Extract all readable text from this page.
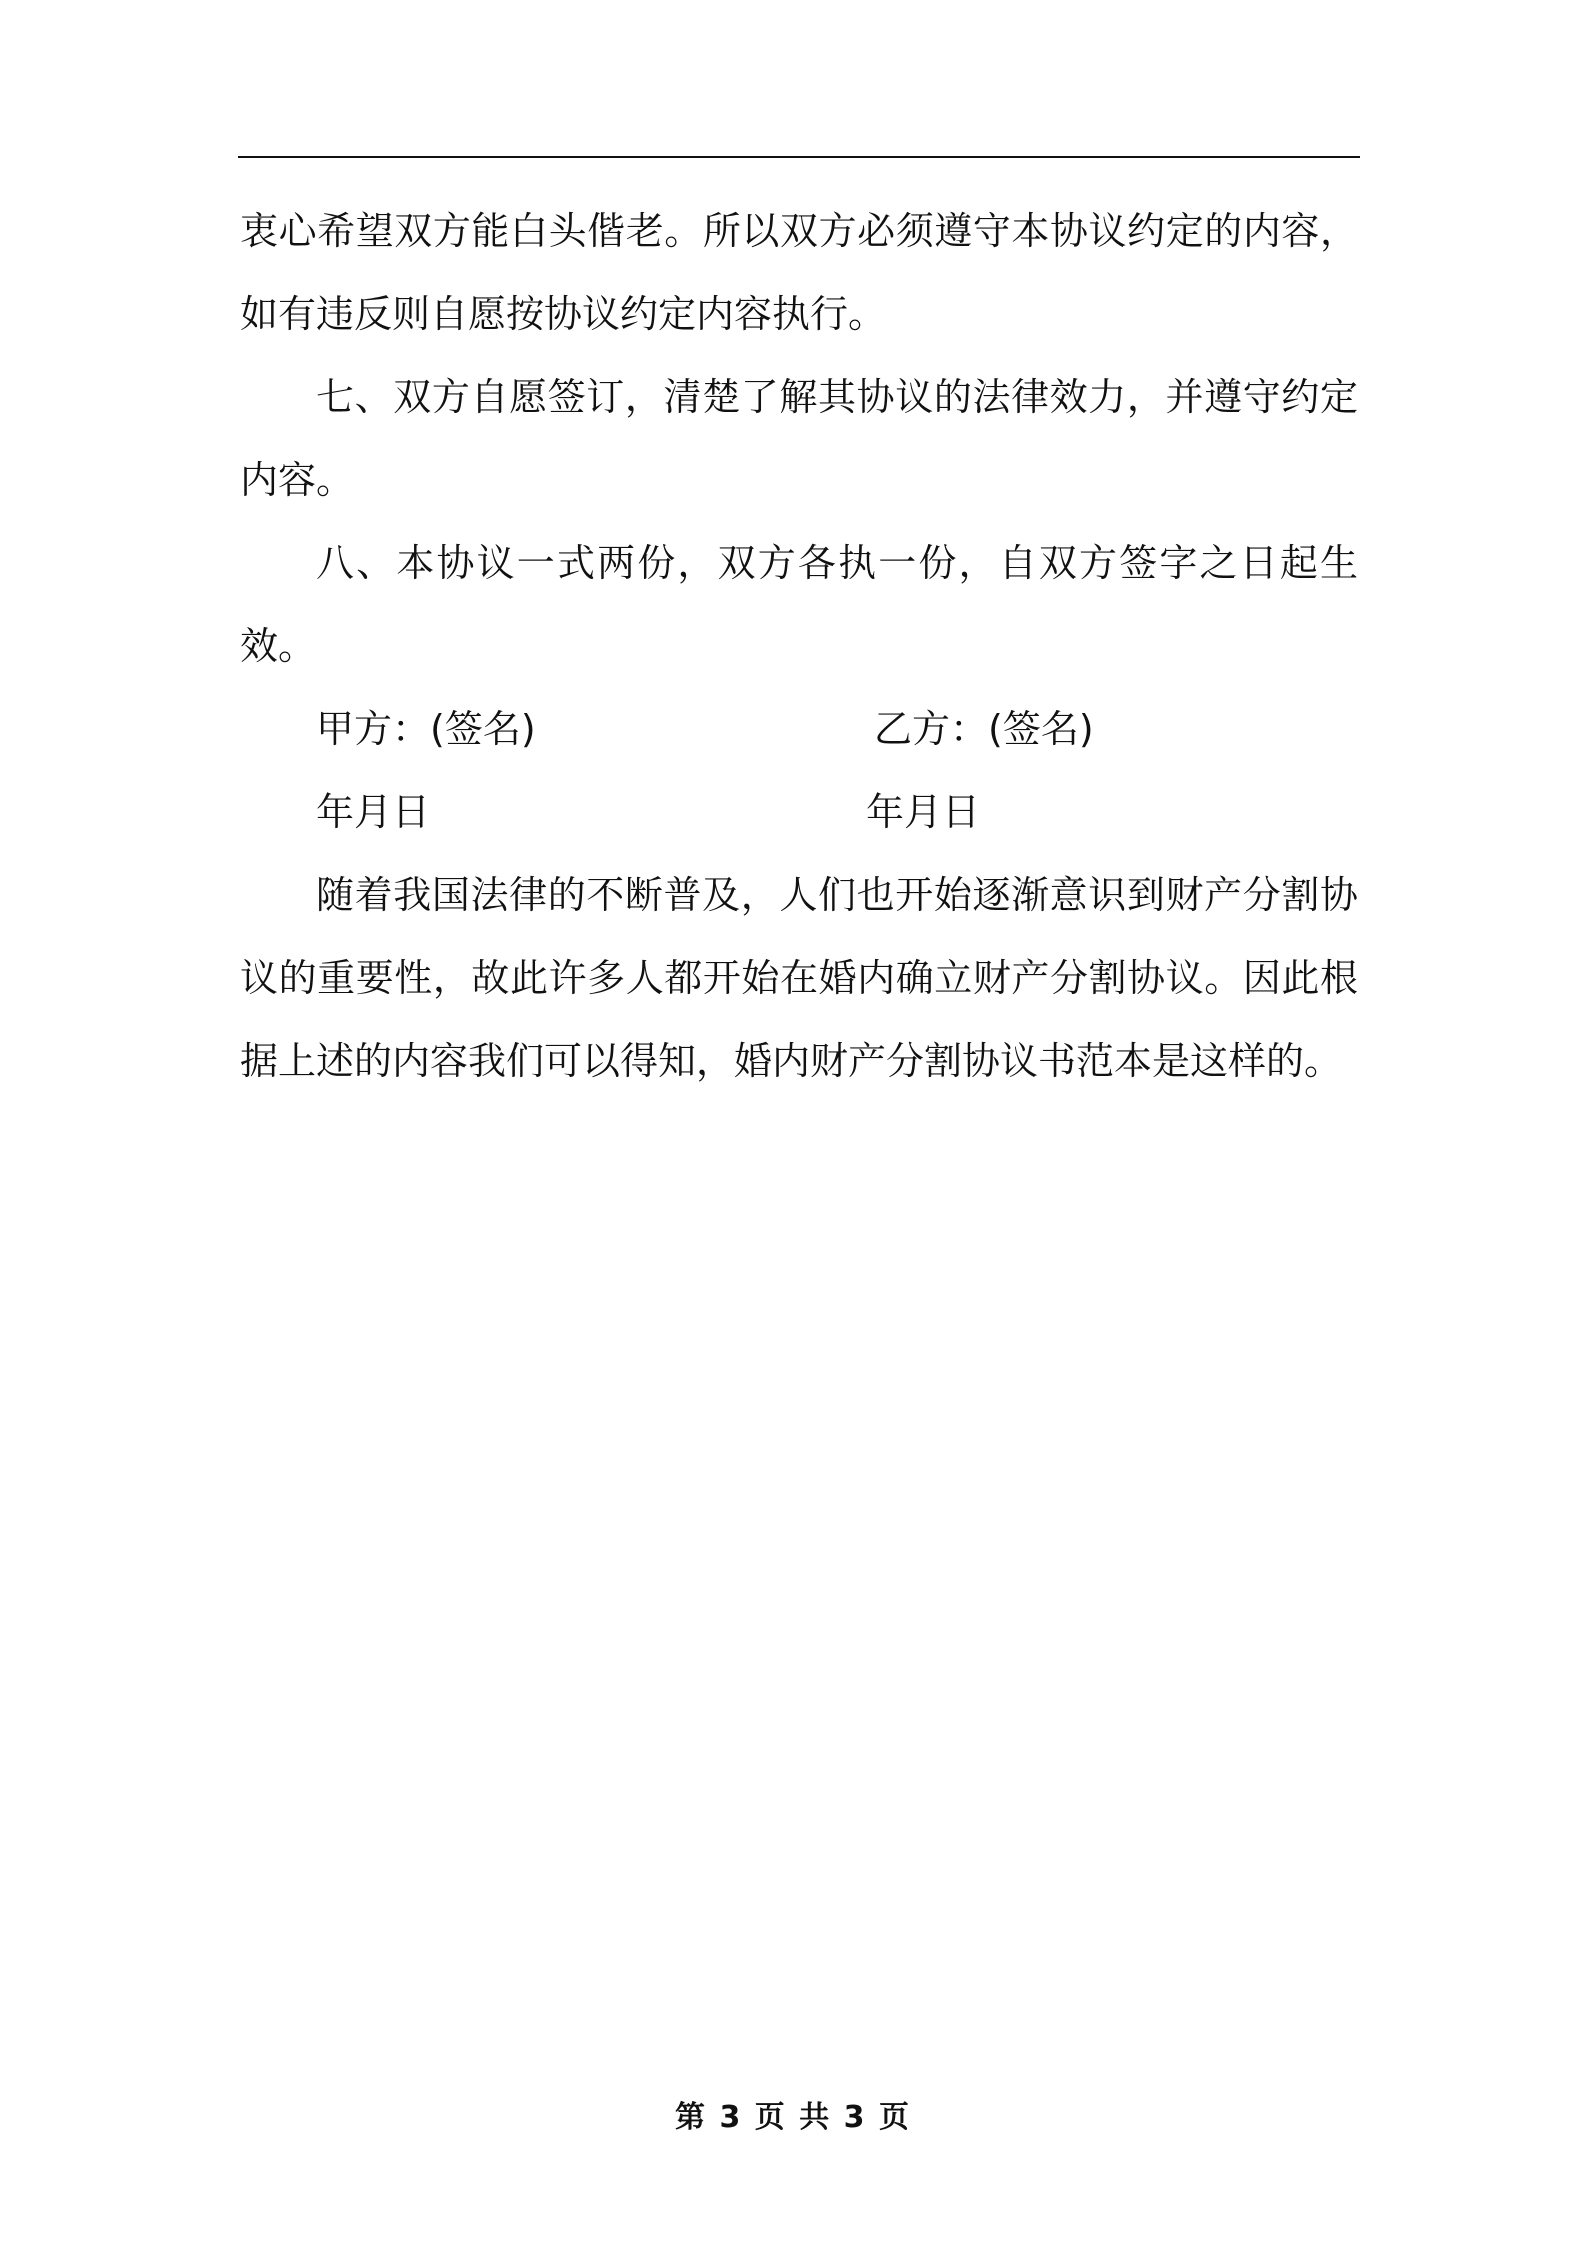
衷心希望双方能白头偕老。所以双方必须遵守本协议约定的内容，如有违反则自愿按协议约定内容执行。

七、双方自愿签订，清楚了解其协议的法律效力，并遵守约定内容。

八、本协议一式两份，双方各执一份，自双方签字之日起生效。

甲方：(签名)	乙方：(签名)
年月日	年月日

随着我国法律的不断普及，人们也开始逐渐意识到财产分割协议的重要性，故此许多人都开始在婚内确立财产分割协议。因此根据上述的内容我们可以得知，婚内财产分割协议书范本是这样的。

第 3 页 共 3 页
